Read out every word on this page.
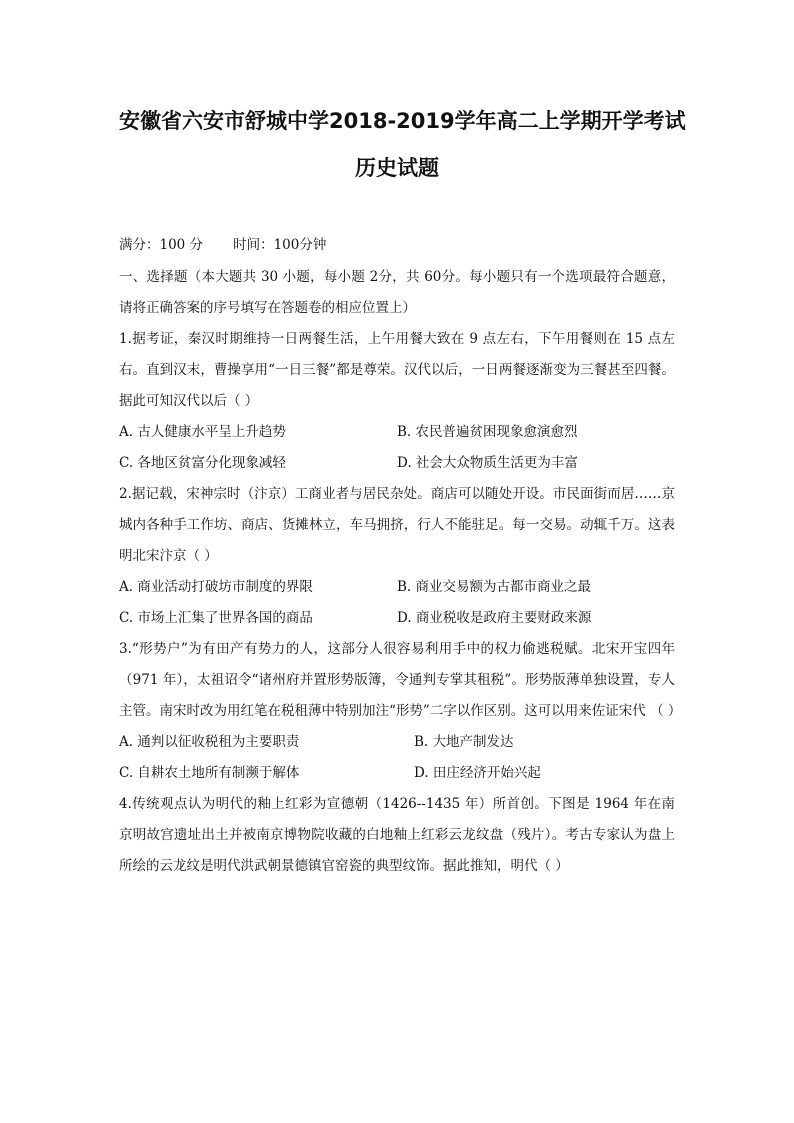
安徽省六安市舒城中学2018-2019学年高二上学期开学考试
历史试题
满分：100 分       时间：100分钟

一、选择题（本大题共 30 小题，每小题 2分，共 60分。每小题只有一个选项最符合题意，请将正确答案的序号填写在答题卷的相应位置上）

1.据考证，秦汉时期维持一日两餐生活，上午用餐大致在 9 点左右，下午用餐则在 15 点左右。直到汉末，曹操享用“一日三餐”都是尊荣。汉代以后，一日两餐逐渐变为三餐甚至四餐。据此可知汉代以后（ ）

A. 古人健康水平呈上升趋势	B. 农民普遍贫困现象愈演愈烈
C. 各地区贫富分化现象减轻	D. 社会大众物质生活更为丰富

2.据记载，宋神宗时（汴京）工商业者与居民杂处。商店可以随处开设。市民面街而居……京城内各种手工作坊、商店、货摊林立，车马拥挤，行人不能驻足。每一交易。动辄千万。这表明北宋汴京（ ）

A. 商业活动打破坊市制度的界限	B. 商业交易额为古都市商业之最
C. 市场上汇集了世界各国的商品	D. 商业税收是政府主要财政来源

3.“形势户”为有田产有势力的人，这部分人很容易利用手中的权力偷逃税赋。北宋开宝四年（971 年），太祖诏令“诸州府并置形势版簿，令通判专掌其租税”。形势版薄单独设置，专人主管。南宋时改为用红笔在税租薄中特别加注“形势”二字以作区别。这可以用来佐证宋代 （ ）

A. 通判以征收税租为主要职责	B. 大地产制发达
C. 自耕农土地所有制濒于解体	D. 田庄经济开始兴起

4.传统观点认为明代的釉上红彩为宣德朝（1426--1435 年）所首创。下图是 1964 年在南京明故宫遗址出土并被南京博物院收藏的白地釉上红彩云龙纹盘（残片）。考古专家认为盘上所绘的云龙纹是明代洪武朝景德镇官窑瓷的典型纹饰。据此推知，明代（ ）
